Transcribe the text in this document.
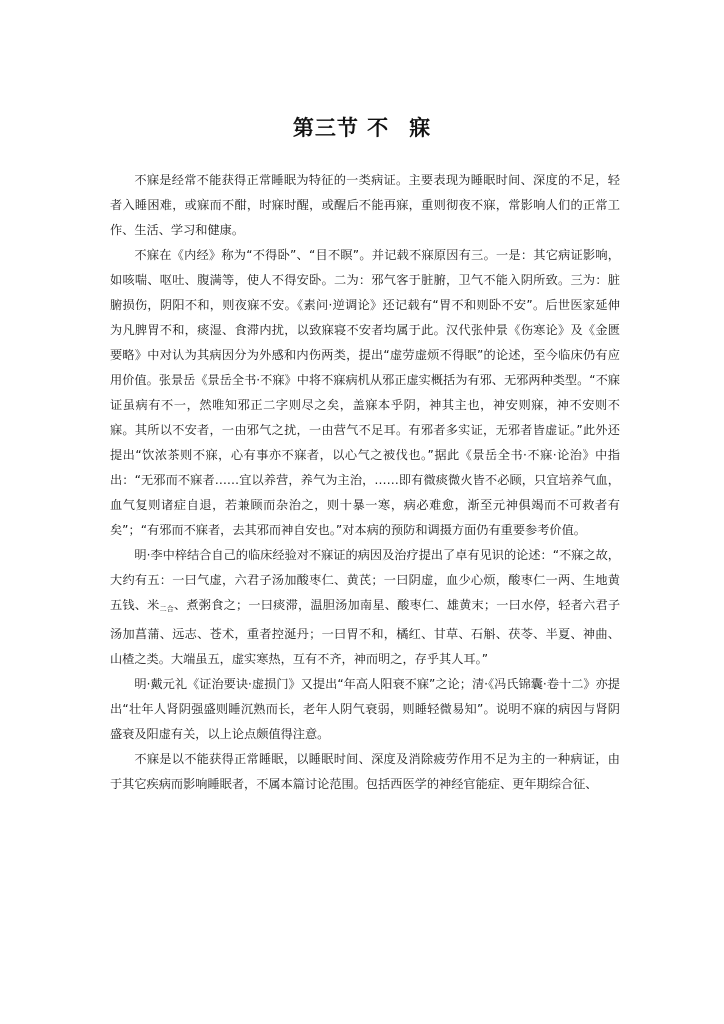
第三节 不 寐

不寐是经常不能获得正常睡眠为特征的一类病证。主要表现为睡眠时间、深度的不足，轻者入睡困难，或寐而不酣，时寐时醒，或醒后不能再寐，重则彻夜不寐，常影响人们的正常工作、生活、学习和健康。

不寐在《内经》称为“不得卧”、“目不瞑”。并记载不寐原因有三。一是：其它病证影响，如咳喘、呕吐、腹满等，使人不得安卧。二为：邪气客于脏腑，卫气不能入阴所致。三为：脏腑损伤，阴阳不和，则夜寐不安。《素问·逆调论》还记载有“胃不和则卧不安”。后世医家延伸为凡脾胃不和，痰湿、食滞内扰，以致寐寝不安者均属于此。汉代张仲景《伤寒论》及《金匮要略》中对认为其病因分为外感和内伤两类，提出“虚劳虚烦不得眠”的论述，至今临床仍有应用价值。张景岳《景岳全书·不寐》中将不寐病机从邪正虚实概括为有邪、无邪两种类型。“不寐证虽病有不一，然唯知邪正二字则尽之矣，盖寐本乎阴，神其主也，神安则寐，神不安则不寐。其所以不安者，一由邪气之扰，一由营气不足耳。有邪者多实证，无邪者皆虚证。”此外还提出“饮浓茶则不寐，心有事亦不寐者，以心气之被伐也。”据此《景岳全书·不寐·论治》中指出：“无邪而不寐者……宜以养营，养气为主治，……即有微痰微火皆不必顾，只宜培养气血，血气复则诸症自退，若兼顾而杂治之，则十暴一寒，病必难愈，渐至元神俱竭而不可救者有矣”；“有邪而不寐者，去其邪而神自安也。”对本病的预防和调摄方面仍有重要参考价值。

明·李中梓结合自己的临床经验对不寐证的病因及治疗提出了卓有见识的论述：“不寐之故，大约有五：一曰气虚，六君子汤加酸枣仁、黄芪；一曰阴虚，血少心烦，酸枣仁一两、生地黄五钱、米$_{二合}$、煮粥食之；一曰痰滞，温胆汤加南星、酸枣仁、雄黄末；一曰水停，轻者六君子汤加菖蒲、远志、苍术，重者控涎丹；一曰胃不和，橘红、甘草、石斛、茯苓、半夏、神曲、山楂之类。大端虽五，虚实寒热，互有不齐，神而明之，存乎其人耳。”

明·戴元礼《证治要诀·虚损门》又提出“年高人阳衰不寐”之论；清·《冯氏锦囊·卷十二》亦提出“壮年人肾阴强盛则睡沉熟而长，老年人阴气衰弱，则睡轻微易知”。说明不寐的病因与肾阴盛衰及阳虚有关，以上论点颇值得注意。

不寐是以不能获得正常睡眠，以睡眠时间、深度及消除疲劳作用不足为主的一种病证，由于其它疾病而影响睡眠者，不属本篇讨论范围。包括西医学的神经官能症、更年期综合征、
